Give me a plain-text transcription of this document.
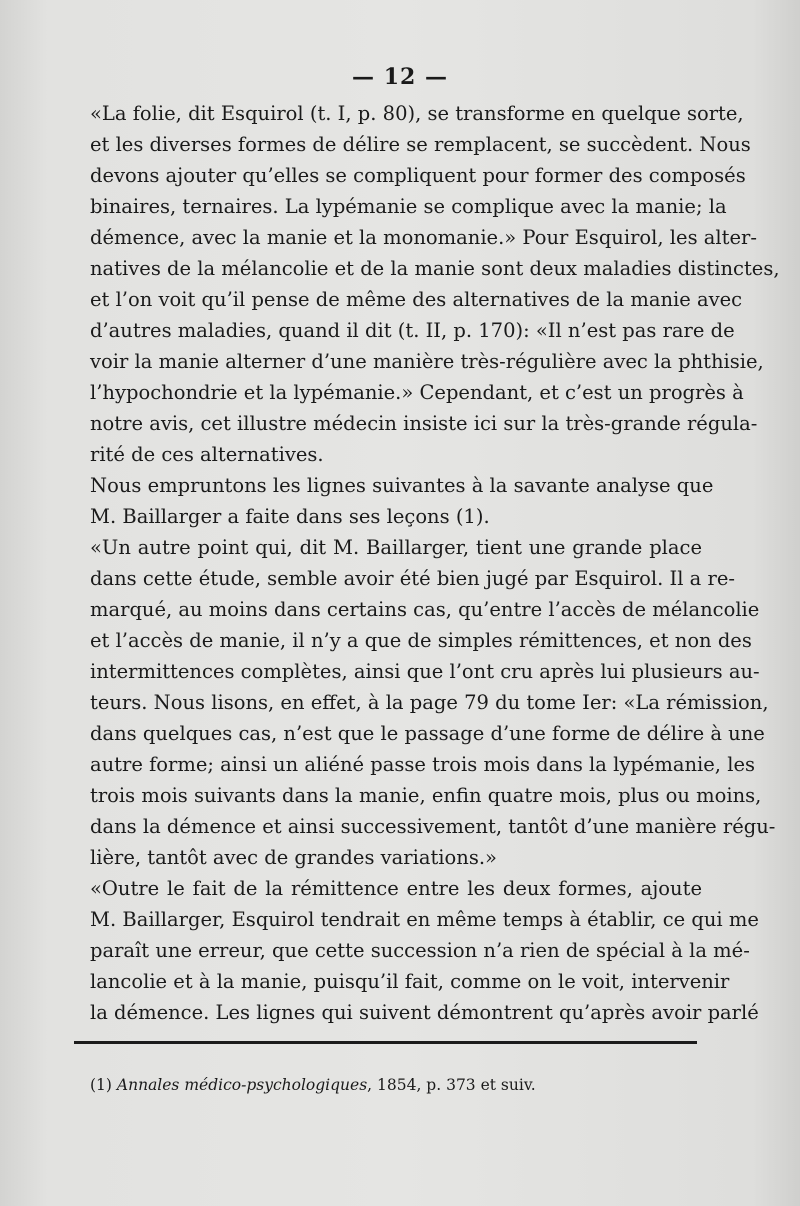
— 12 —
«La folie, dit Esquirol (t. I, p. 80), se transforme en quelque sorte,
et les diverses formes de délire se remplacent, se succèdent. Nous
devons ajouter qu’elles se compliquent pour former des composés
binaires, ternaires. La lypémanie se complique avec la manie; la
démence, avec la manie et la monomanie.» Pour Esquirol, les alter-
natives de la mélancolie et de la manie sont deux maladies distinctes,
et l’on voit qu’il pense de même des alternatives de la manie avec
d’autres maladies, quand il dit (t. II, p. 170): «Il n’est pas rare de
voir la manie alterner d’une manière très-régulière avec la phthisie,
l’hypochondrie et la lypémanie.» Cependant, et c’est un progrès à
notre avis, cet illustre médecin insiste ici sur la très-grande régula-
rité de ces alternatives.
Nous empruntons les lignes suivantes à la savante analyse que
M. Baillarger a faite dans ses leçons (1).
«Un autre point qui, dit M. Baillarger, tient une grande place
dans cette étude, semble avoir été bien jugé par Esquirol. Il a re-
marqué, au moins dans certains cas, qu’entre l’accès de mélancolie
et l’accès de manie, il n’y a que de simples rémittences, et non des
intermittences complètes, ainsi que l’ont cru après lui plusieurs au-
teurs. Nous lisons, en effet, à la page 79 du tome Ier: «La rémission,
dans quelques cas, n’est que le passage d’une forme de délire à une
autre forme; ainsi un aliéné passe trois mois dans la lypémanie, les
trois mois suivants dans la manie, enfin quatre mois, plus ou moins,
dans la démence et ainsi successivement, tantôt d’une manière régu-
lière, tantôt avec de grandes variations.»
«Outre le fait de la rémittence entre les deux formes, ajoute
M. Baillarger, Esquirol tendrait en même temps à établir, ce qui me
paraît une erreur, que cette succession n’a rien de spécial à la mé-
lancolie et à la manie, puisqu’il fait, comme on le voit, intervenir
la démence. Les lignes qui suivent démontrent qu’après avoir parlé
(1) Annales médico-psychologiques, 1854, p. 373 et suiv.
